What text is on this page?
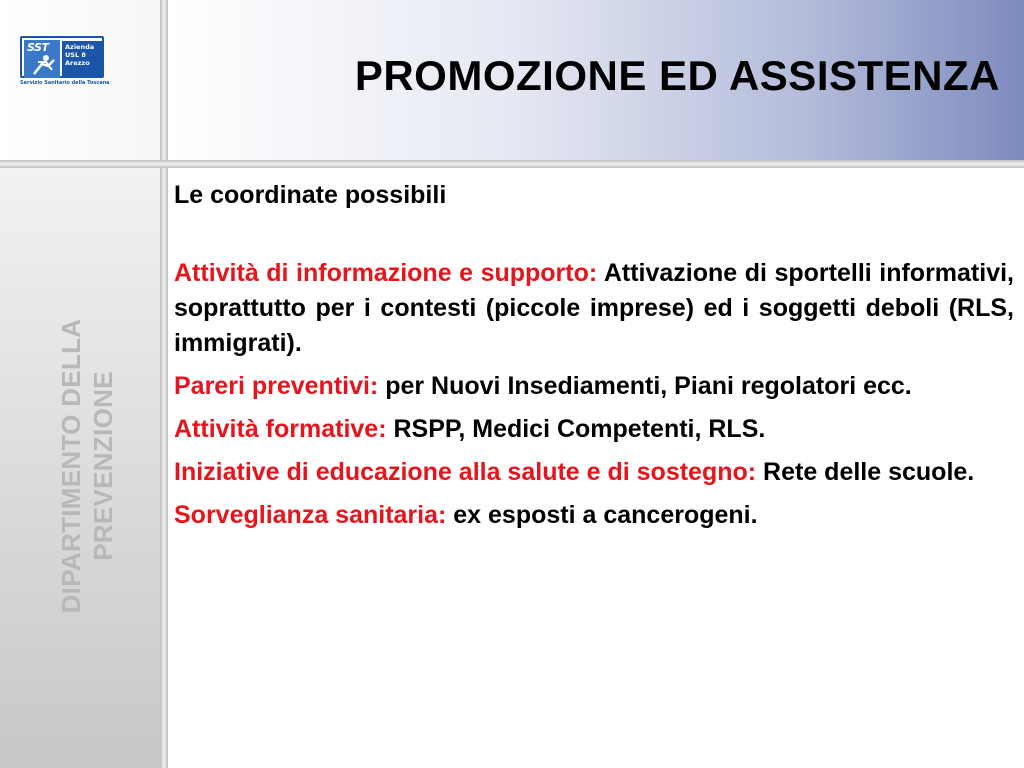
SST	Azienda
USL 8
Arezzo
Servizio Sanitario della Toscana	PROMOZIONE ED ASSISTENZA
DIPARTIMENTO DELLA PREVENZIONE
Le coordinate possibili

Attività di informazione e supporto: Attivazione di sportelli informativi, soprattutto per i contesti (piccole imprese) ed i soggetti deboli (RLS, immigrati).

Pareri preventivi: per Nuovi Insediamenti, Piani regolatori ecc.

Attività formative: RSPP, Medici Competenti, RLS.

Iniziative di educazione alla salute e di sostegno: Rete delle scuole.

Sorveglianza sanitaria: ex esposti a cancerogeni.
